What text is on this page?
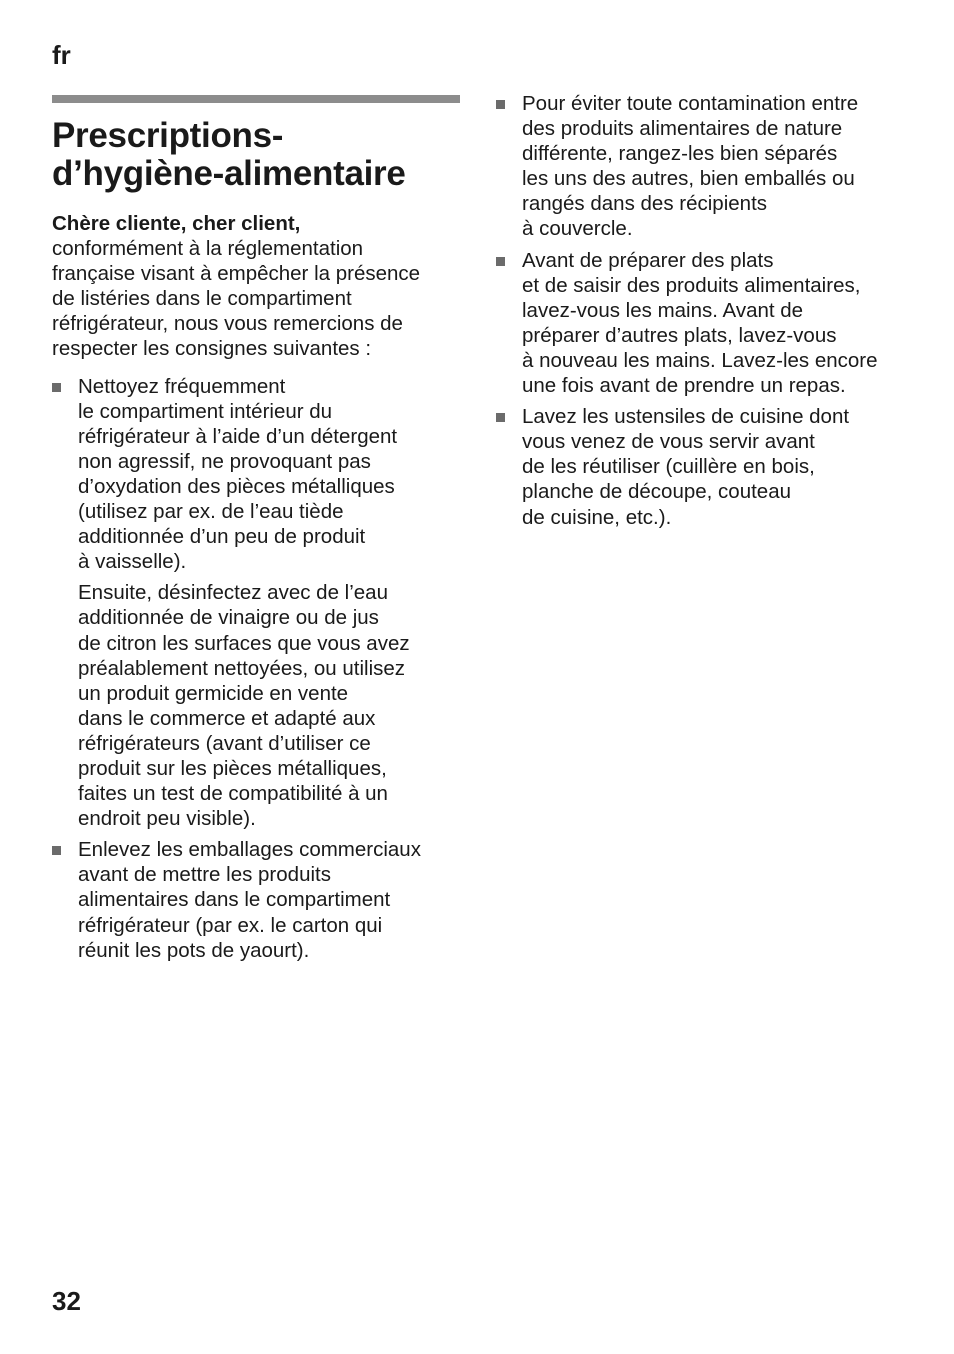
fr
Prescriptions-
d’hygiène-alimentaire

Chère cliente, cher client,
conformément à la réglementation
française visant à empêcher la présence
de listéries dans le compartiment
réfrigérateur, nous vous remercions de
respecter les consignes suivantes :

Nettoyez fréquemment
le compartiment intérieur du
réfrigérateur à l’aide d’un détergent
non agressif, ne provoquant pas
d’oxydation des pièces métalliques
(utilisez par ex. de l’eau tiède
additionnée d’un peu de produit
à vaisselle).
Ensuite, désinfectez avec de l’eau
additionnée de vinaigre ou de jus
de citron les surfaces que vous avez
préalablement nettoyées, ou utilisez
un produit germicide en vente
dans le commerce et adapté aux
réfrigérateurs (avant d’utiliser ce
produit sur les pièces métalliques,
faites un test de compatibilité à un
endroit peu visible).
Enlevez les emballages commerciaux
avant de mettre les produits
alimentaires dans le compartiment
réfrigérateur (par ex. le carton qui
réunit les pots de yaourt).
Pour éviter toute contamination entre
des produits alimentaires de nature
différente, rangez-les bien séparés
les uns des autres, bien emballés ou
rangés dans des récipients
à couvercle.
Avant de préparer des plats
et de saisir des produits alimentaires,
lavez-vous les mains. Avant de
préparer d’autres plats, lavez-vous
à nouveau les mains. Lavez-les encore
une fois avant de prendre un repas.
Lavez les ustensiles de cuisine dont
vous venez de vous servir avant
de les réutiliser (cuillère en bois,
planche de découpe, couteau
de cuisine, etc.).
32
